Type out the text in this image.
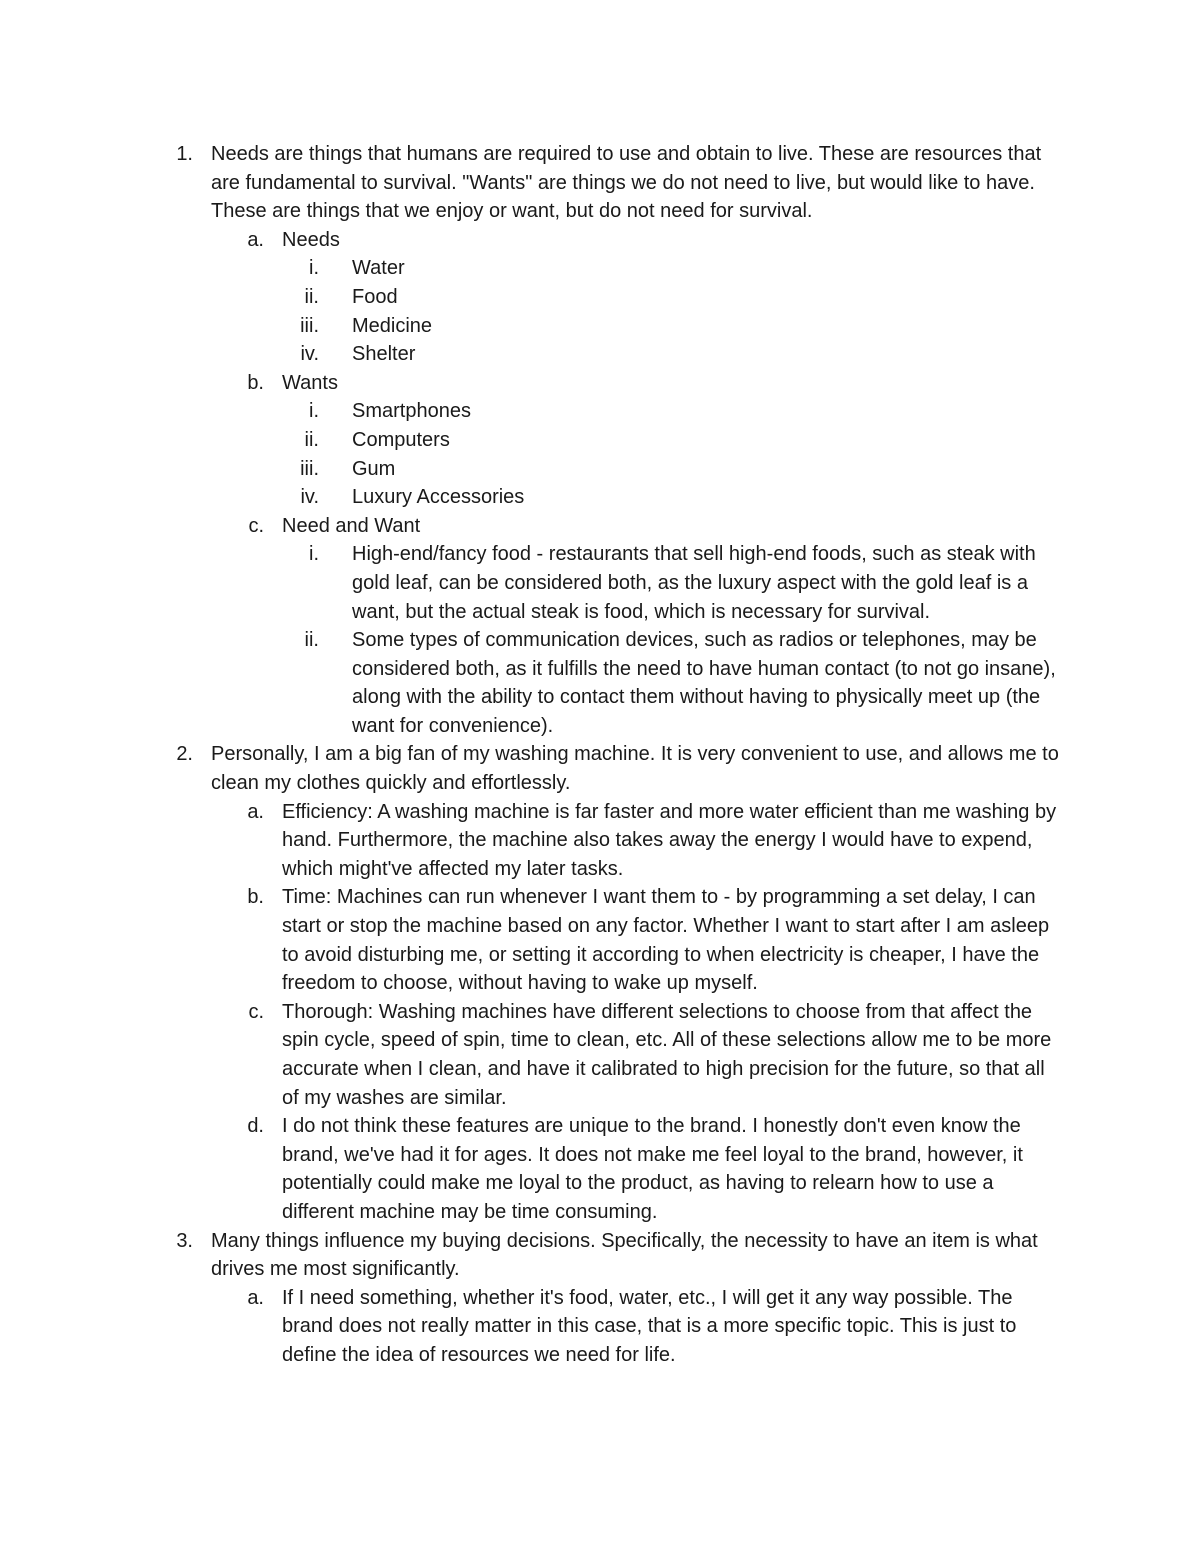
1. Needs are things that humans are required to use and obtain to live. These are resources that are fundamental to survival. "Wants" are things we do not need to live, but would like to have. These are things that we enjoy or want, but do not need for survival.
a. Needs
i. Water
ii. Food
iii. Medicine
iv. Shelter
b. Wants
i. Smartphones
ii. Computers
iii. Gum
iv. Luxury Accessories
c. Need and Want
i. High-end/fancy food - restaurants that sell high-end foods, such as steak with gold leaf, can be considered both, as the luxury aspect with the gold leaf is a want, but the actual steak is food, which is necessary for survival.
ii. Some types of communication devices, such as radios or telephones, may be considered both, as it fulfills the need to have human contact (to not go insane), along with the ability to contact them without having to physically meet up (the want for convenience).
2. Personally, I am a big fan of my washing machine. It is very convenient to use, and allows me to clean my clothes quickly and effortlessly.
a. Efficiency: A washing machine is far faster and more water efficient than me washing by hand. Furthermore, the machine also takes away the energy I would have to expend, which might've affected my later tasks.
b. Time: Machines can run whenever I want them to - by programming a set delay, I can start or stop the machine based on any factor. Whether I want to start after I am asleep to avoid disturbing me, or setting it according to when electricity is cheaper, I have the freedom to choose, without having to wake up myself.
c. Thorough: Washing machines have different selections to choose from that affect the spin cycle, speed of spin, time to clean, etc. All of these selections allow me to be more accurate when I clean, and have it calibrated to high precision for the future, so that all of my washes are similar.
d. I do not think these features are unique to the brand. I honestly don't even know the brand, we've had it for ages. It does not make me feel loyal to the brand, however, it potentially could make me loyal to the product, as having to relearn how to use a different machine may be time consuming.
3. Many things influence my buying decisions. Specifically, the necessity to have an item is what drives me most significantly.
a. If I need something, whether it's food, water, etc., I will get it any way possible. The brand does not really matter in this case, that is a more specific topic. This is just to define the idea of resources we need for life.
